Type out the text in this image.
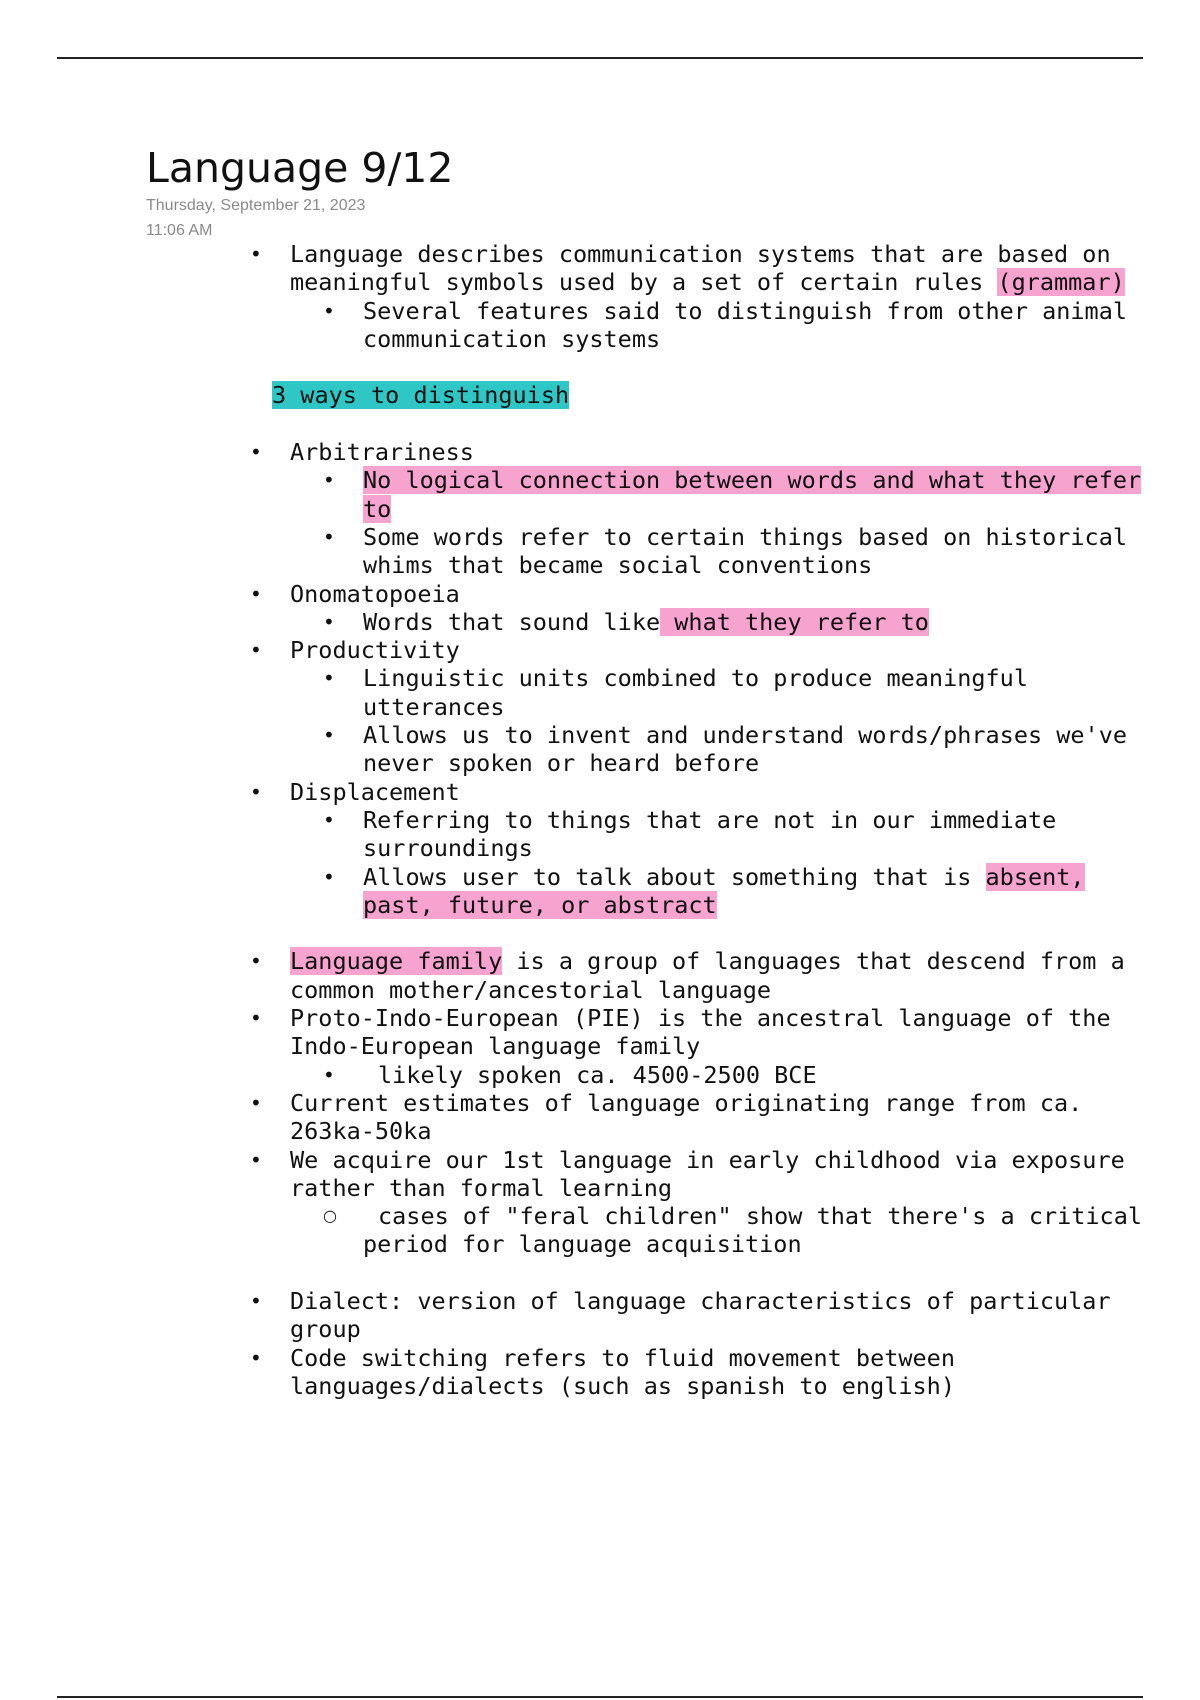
Language 9/12
Thursday, September 21, 2023
11:06 AM
• Language describes communication systems that are based on meaningful symbols used by a set of certain rules (grammar)
• Several features said to distinguish from other animal communication systems
3 ways to distinguish
• Arbitrariness
• No logical connection between words and what they refer to
• Some words refer to certain things based on historical whims that became social conventions
• Onomatopoeia
• Words that sound like what they refer to
• Productivity
• Linguistic units combined to produce meaningful utterances
• Allows us to invent and understand words/phrases we've never spoken or heard before
• Displacement
• Referring to things that are not in our immediate surroundings
• Allows user to talk about something that is absent, past, future, or abstract
• Language family is a group of languages that descend from a common mother/ancestorial language
• Proto-Indo-European (PIE) is the ancestral language of the Indo-European language family
• likely spoken ca. 4500-2500 BCE
• Current estimates of language originating range from ca. 263ka-50ka
• We acquire our 1st language in early childhood via exposure rather than formal learning
○	cases of "feral children" show that there's a critical period for language acquisition
• Dialect: version of language characteristics of particular group
• Code switching refers to fluid movement between languages/dialects (such as spanish to english)
